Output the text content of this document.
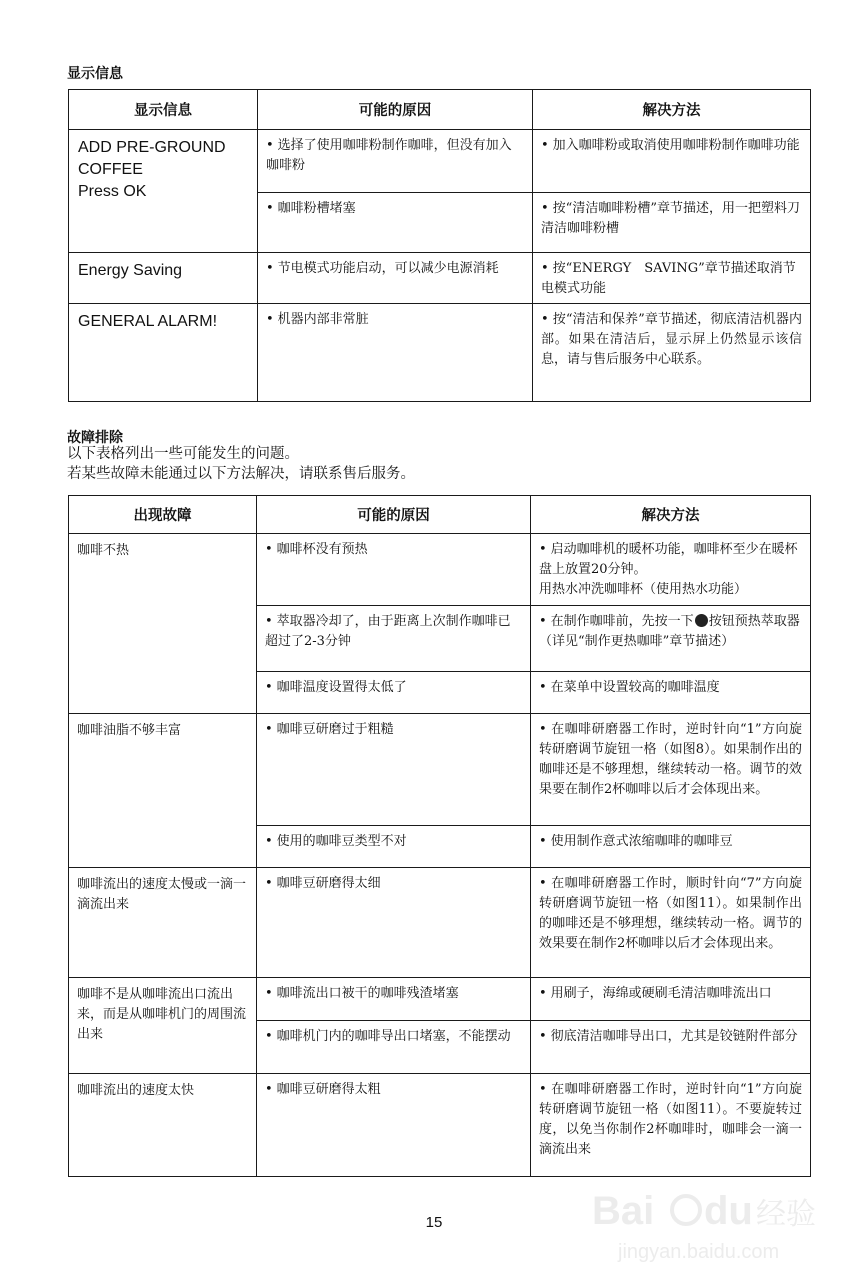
显示信息
显示信息	可能的原因	解决方法

ADD PRE-GROUND
COFFEE
Press OK	• 选择了使用咖啡粉制作咖啡，但没有加入咖啡粉	• 加入咖啡粉或取消使用咖啡粉制作咖啡功能
	• 咖啡粉槽堵塞	• 按“清洁咖啡粉槽”章节描述，用一把塑料刀清洁咖啡粉槽

Energy Saving	• 节电模式功能启动，可以减少电源消耗	• 按“ENERGY　SAVING”章节描述取消节电模式功能

GENERAL ALARM!	• 机器内部非常脏	• 按“清洁和保养”章节描述，彻底清洁机器内部。如果在清洁后，显示屏上仍然显示该信息，请与售后服务中心联系。
故障排除
以下表格列出一些可能发生的问题。
若某些故障未能通过以下方法解决，请联系售后服务。
出现故障	可能的原因	解决方法
咖啡不热	• 咖啡杯没有预热	• 启动咖啡机的暖杯功能，咖啡杯至少在暖杯盘上放置20分钟。
用热水冲洗咖啡杯（使用热水功能）

	• 萃取器冷却了，由于距离上次制作咖啡已超过了2-3分钟	• 在制作咖啡前，先按一下 按钮预热萃取器（详见“制作更热咖啡”章节描述）
	• 咖啡温度设置得太低了	• 在菜单中设置较高的咖啡温度
咖啡油脂不够丰富	• 咖啡豆研磨过于粗糙	• 在咖啡研磨器工作时，逆时针向“1”方向旋转研磨调节旋钮一格（如图8）。如果制作出的咖啡还是不够理想，继续转动一格。调节的效果要在制作2杯咖啡以后才会体现出来。
	• 使用的咖啡豆类型不对	• 使用制作意式浓缩咖啡的咖啡豆
咖啡流出的速度太慢或一滴一滴流出来	• 咖啡豆研磨得太细	• 在咖啡研磨器工作时，顺时针向“7”方向旋转研磨调节旋钮一格（如图11）。如果制作出的咖啡还是不够理想，继续转动一格。调节的效果要在制作2杯咖啡以后才会体现出来。
咖啡不是从咖啡流出口流出来，而是从咖啡机门的周围流出来	• 咖啡流出口被干的咖啡残渣堵塞	• 用刷子，海绵或硬刷毛清洁咖啡流出口
	• 咖啡机门内的咖啡导出口堵塞，不能摆动	• 彻底清洁咖啡导出口，尤其是铰链附件部分
咖啡流出的速度太快	• 咖啡豆研磨得太粗	• 在咖啡研磨器工作时，逆时针向“1”方向旋转研磨调节旋钮一格（如图11）。不要旋转过度，以免当你制作2杯咖啡时，咖啡会一滴一滴流出来
15	Bai du 经验
jingyan.baidu.com
